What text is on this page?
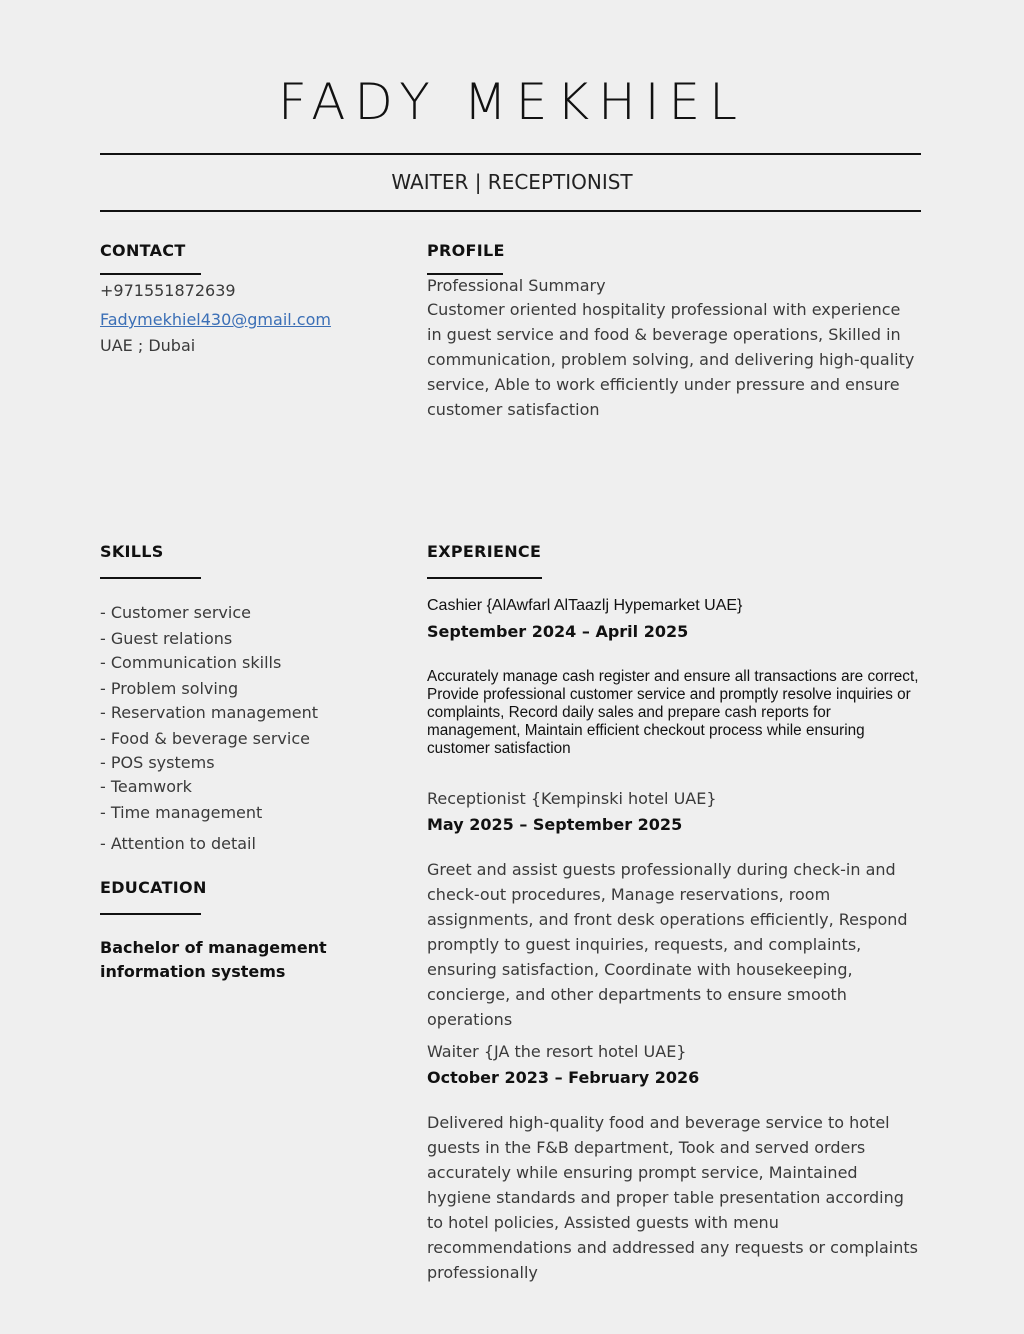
FADY MEKHIEL
WAITER | RECEPTIONIST
CONTACT
+971551872639
Fadymekhiel430@gmail.com
UAE ; Dubai
PROFILE
Professional Summary
Customer oriented hospitality professional with experience in guest service and food & beverage operations, Skilled in communication, problem solving, and delivering high-quality service, Able to work efficiently under pressure and ensure customer satisfaction
SKILLS
- Customer service
- Guest relations
- Communication skills
- Problem solving
- Reservation management
- Food & beverage service
- POS systems
- Teamwork
- Time management
- Attention to detail
EDUCATION
Bachelor of management information systems
EXPERIENCE
Cashier {AlAwfarl AlTaazlj Hypemarket UAE}
September 2024 – April 2025
Accurately manage cash register and ensure all transactions are correct, Provide professional customer service and promptly resolve inquiries or complaints, Record daily sales and prepare cash reports for management, Maintain efficient checkout process while ensuring customer satisfaction
Receptionist {Kempinski hotel UAE}
May 2025 – September 2025
Greet and assist guests professionally during check-in and check-out procedures, Manage reservations, room assignments, and front desk operations efficiently, Respond promptly to guest inquiries, requests, and complaints, ensuring satisfaction, Coordinate with housekeeping, concierge, and other departments to ensure smooth operations
Waiter {JA the resort hotel UAE}
October 2023 – February 2026
Delivered high-quality food and beverage service to hotel guests in the F&B department, Took and served orders accurately while ensuring prompt service, Maintained hygiene standards and proper table presentation according to hotel policies, Assisted guests with menu recommendations and addressed any requests or complaints professionally
